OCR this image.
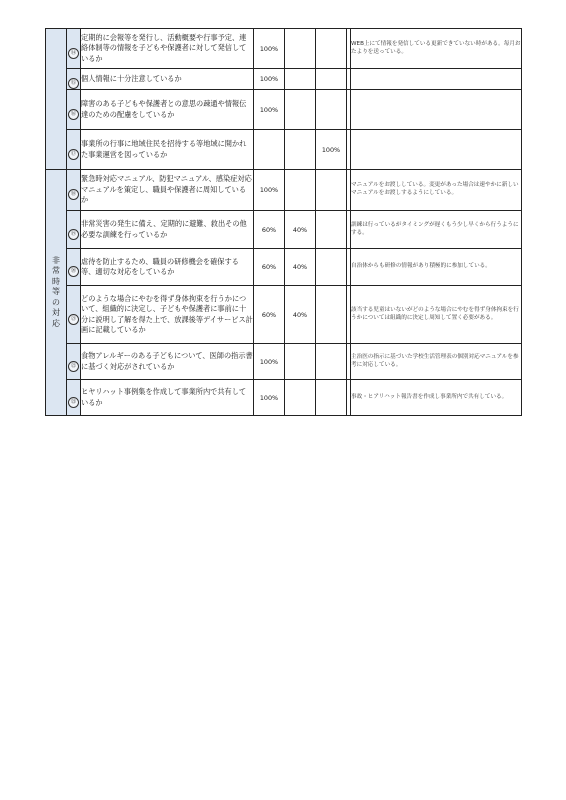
	⑭	定期的に会報等を発行し、活動概要や行事予定、連絡体制等の情報を子どもや保護者に対して発信しているか	100%				WEB上にて情報を発信している更新できていない時がある。毎月おたよりを送っている。
	⑮	個人情報に十分注意しているか	100%				
	⑯	障害のある子どもや保護者との意思の疎通や情報伝達のための配慮をしているか	100%				
	⑰	事業所の行事に地域住民を招待する等地域に開かれた事業運営を図っているか			100%		
非常時等の対応	⑱	緊急時対応マニュアル、防犯マニュアル、感染症対応マニュアルを策定し、職員や保護者に周知しているか	100%				マニュアルをお渡ししている。変更があった場合は速やかに新しいマニュアルをお渡しするようにしている。
	⑲	非常災害の発生に備え、定期的に避難、救出その他必要な訓練を行っているか	60%	40%			訓練は行っているがタイミングが遅くもう少し早くから行うようにする。
	⑳	虐待を防止するため、職員の研修機会を確保する等、適切な対応をしているか	60%	40%			自治体からも研修の情報があり積極的に参加している。
	㉑	どのような場合にやむを得ず身体拘束を行うかについて、組織的に決定し、子どもや保護者に事前に十分に説明し了解を得た上で、放課後等デイサービス計画に記載しているか	60%	40%			該当する児童はいないがどのような場合にやむを得ず身体拘束を行うかについては組織的に決定し周知して置く必要がある。
	㉒	食物アレルギーのある子どもについて、医師の指示書に基づく対応がされているか	100%				主治医の指示に基づいた学校生活管理表の個別対応マニュアルを参考に対応している。
	㉓	ヒヤリハット事例集を作成して事業所内で共有しているか	100%				事故・ヒアリハット報告書を作成し事業所内で共有している。
